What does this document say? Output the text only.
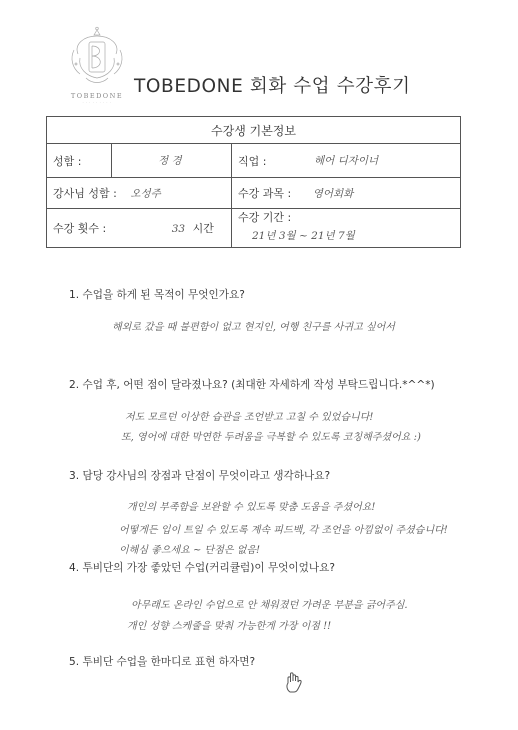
TOBEDONE
· · · · · · · · ·
TOBEDONE 회화 수업 수강후기
수강생 기본정보			
성함 :	정 경	직업 :	헤어 디자이너
강사님 성함 : 오성주		수강 과목 : 영어회화	
수강 횟수 : 33 시간		수강 기간 :
21년 3월 ~ 21년 7월	
1. 수업을 하게 된 목적이 무엇인가요?
해외로 갔을 때 불편함이 없고 현지인, 여행 친구를 사귀고 싶어서
2. 수업 후, 어떤 점이 달라졌나요? (최대한 자세하게 작성 부탁드립니다.*^^*)
저도 모르던 이상한 습관을 조언받고 고칠 수 있었습니다!
또, 영어에 대한 막연한 두려움을 극복할 수 있도록 코칭해주셨어요 :)
3. 담당 강사님의 장점과 단점이 무엇이라고 생각하나요?
개인의 부족함을 보완할 수 있도록 맞춤 도움을 주셨어요!
어떻게든 입이 트일 수 있도록 계속 피드백, 각 조언을 아낌없이 주셨습니다!
이해심 좋으세요 ~ 단점은 없음!
4. 투비단의 가장 좋았던 수업(커리큘럼)이 무엇이었나요?
아무래도 온라인 수업으로 안 채워졌던 가려운 부분을 긁어주심.
개인 성향 스케줄을 맞춰 가능한게 가장 이점 !!
5. 투비단 수업을 한마디로 표현 하자면?
